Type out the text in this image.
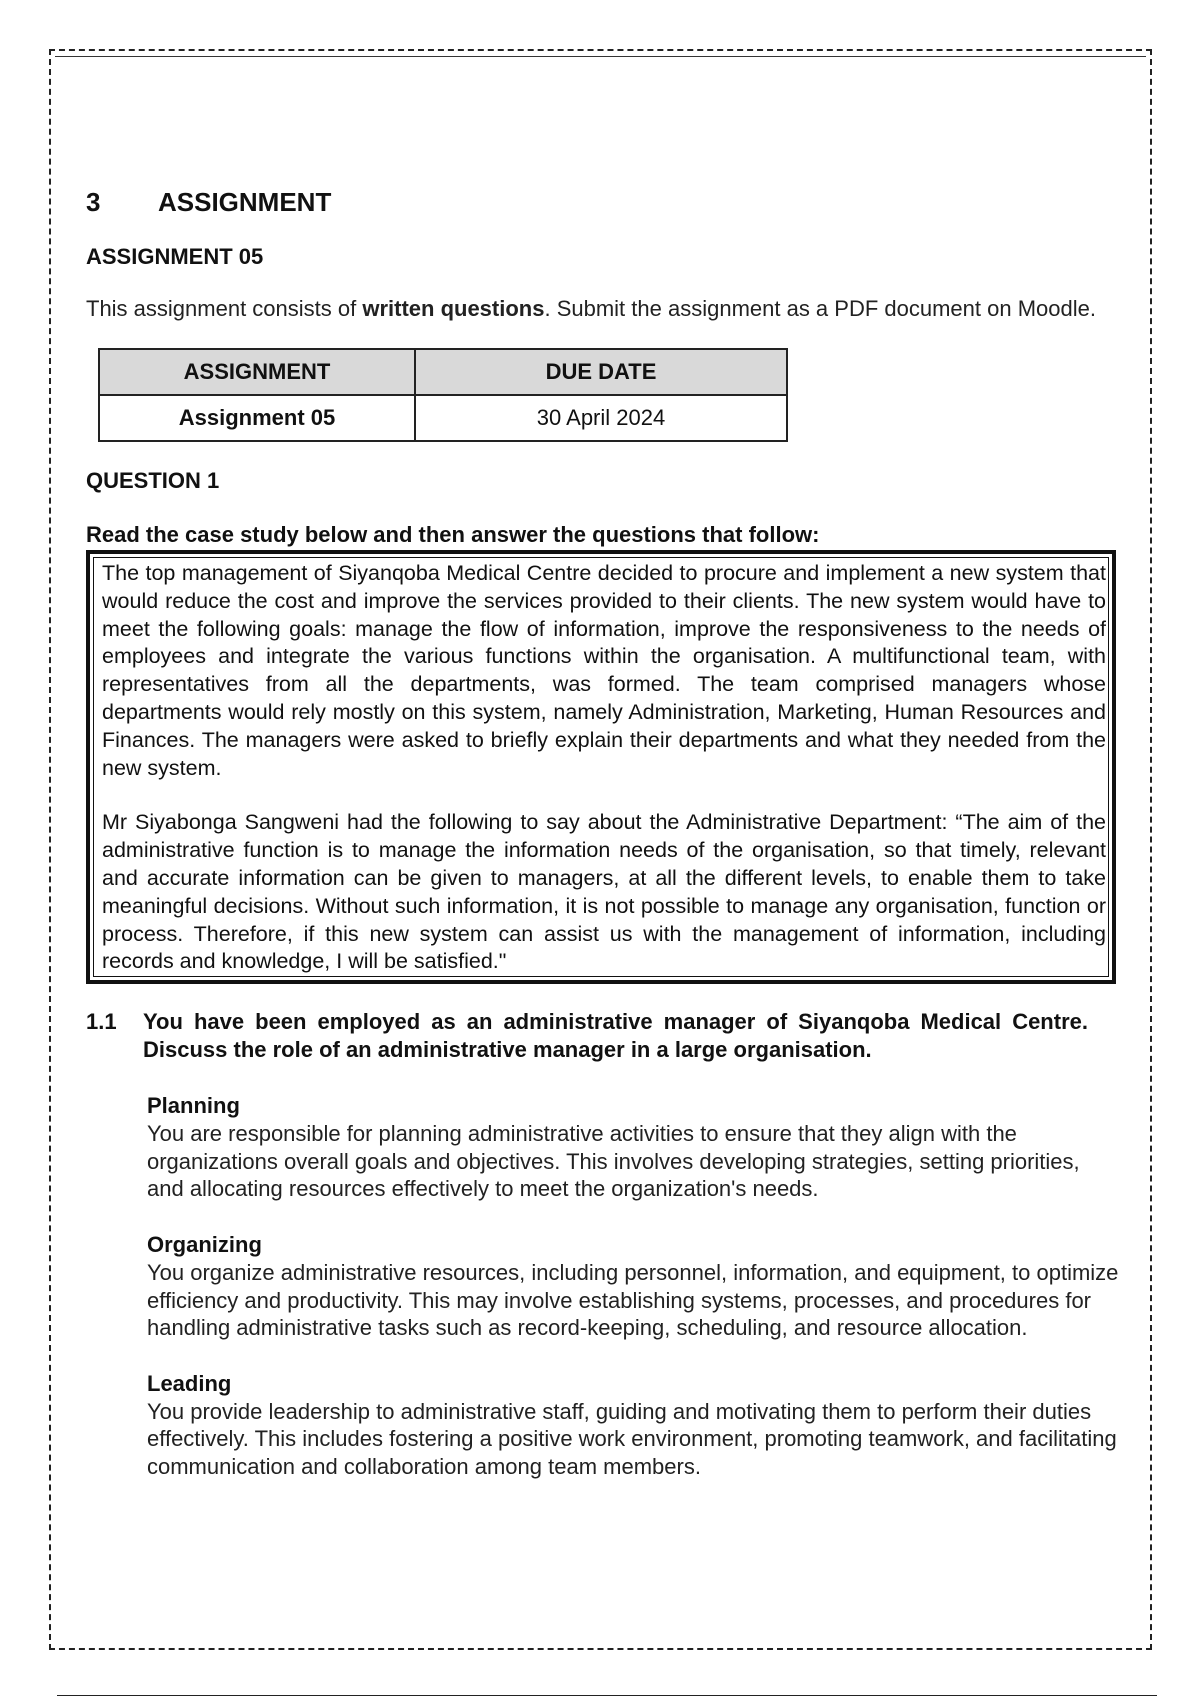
3 ASSIGNMENT
ASSIGNMENT 05

This assignment consists of written questions. Submit the assignment as a PDF document on Moodle.

ASSIGNMENT	DUE DATE
Assignment 05	30 April 2024
QUESTION 1

Read the case study below and then answer the questions that follow:

The top management of Siyanqoba Medical Centre decided to procure and implement a new system that would reduce the cost and improve the services provided to their clients. The new system would have to meet the following goals: manage the flow of information, improve the responsiveness to the needs of employees and integrate the various functions within the organisation. A multifunctional team, with representatives from all the departments, was formed. The team comprised managers whose departments would rely mostly on this system, namely Administration, Marketing, Human Resources and Finances. The managers were asked to briefly explain their departments and what they needed from the new system.

Mr Siyabonga Sangweni had the following to say about the Administrative Department: “The aim of the administrative function is to manage the information needs of the organisation, so that timely, relevant and accurate information can be given to managers, at all the different levels, to enable them to take meaningful decisions. Without such information, it is not possible to manage any organisation, function or process. Therefore, if this new system can assist us with the management of information, including records and knowledge, I will be satisfied."

1.1	You have been employed as an administrative manager of Siyanqoba Medical Centre. Discuss the role of an administrative manager in a large organisation.

Planning

You are responsible for planning administrative activities to ensure that they align with the organizations overall goals and objectives. This involves developing strategies, setting priorities, and allocating resources effectively to meet the organization's needs.

Organizing

You organize administrative resources, including personnel, information, and equipment, to optimize efficiency and productivity. This may involve establishing systems, processes, and procedures for handling administrative tasks such as record-keeping, scheduling, and resource allocation.

Leading

You provide leadership to administrative staff, guiding and motivating them to perform their duties effectively. This includes fostering a positive work environment, promoting teamwork, and facilitating communication and collaboration among team members.
